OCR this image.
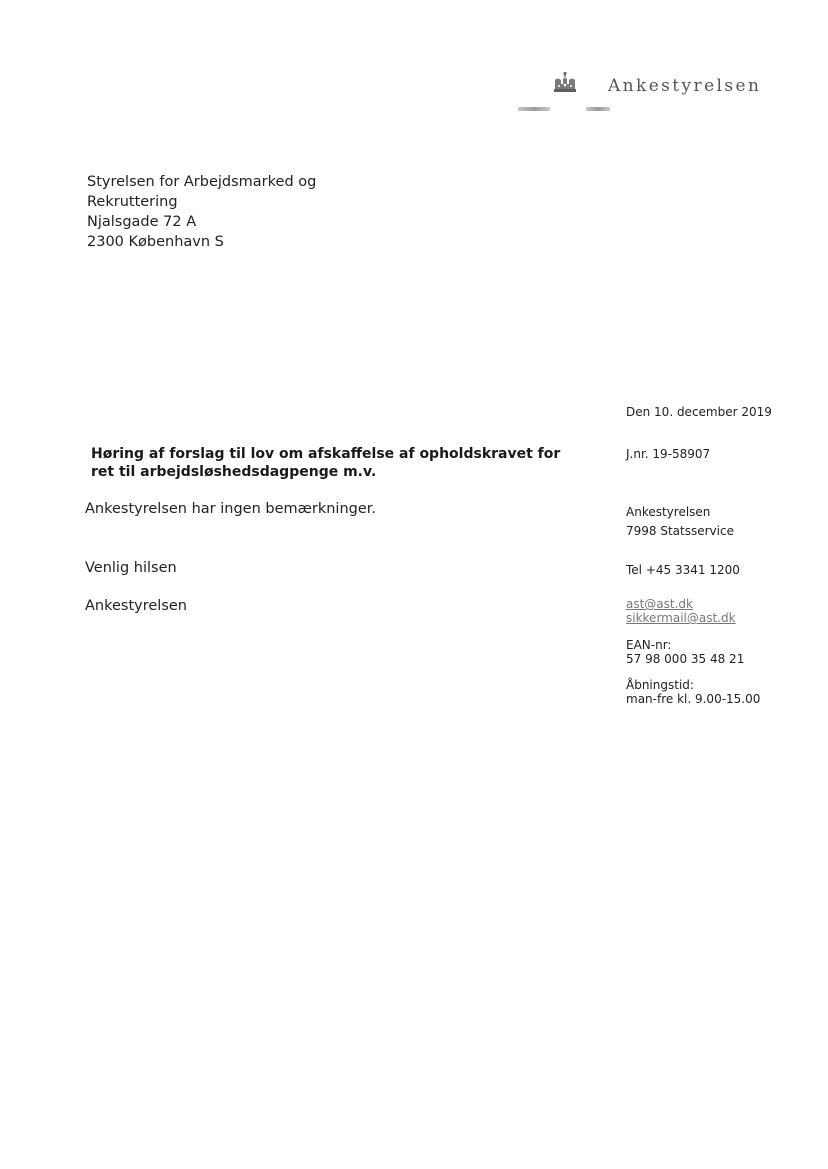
Ankestyrelsen
Styrelsen for Arbejdsmarked og
Rekruttering
Njalsgade 72 A
2300 København S
Høring af forslag til lov om afskaffelse af opholdskravet for
ret til arbejdsløshedsdagpenge m.v.
Ankestyrelsen har ingen bemærkninger.
Venlig hilsen
Ankestyrelsen
Den 10. december 2019
J.nr. 19-58907
Ankestyrelsen
7998 Statsservice
Tel +45 3341 1200
ast@ast.dk
sikkermail@ast.dk
EAN-nr:
57 98 000 35 48 21
Åbningstid:
man-fre kl. 9.00-15.00
